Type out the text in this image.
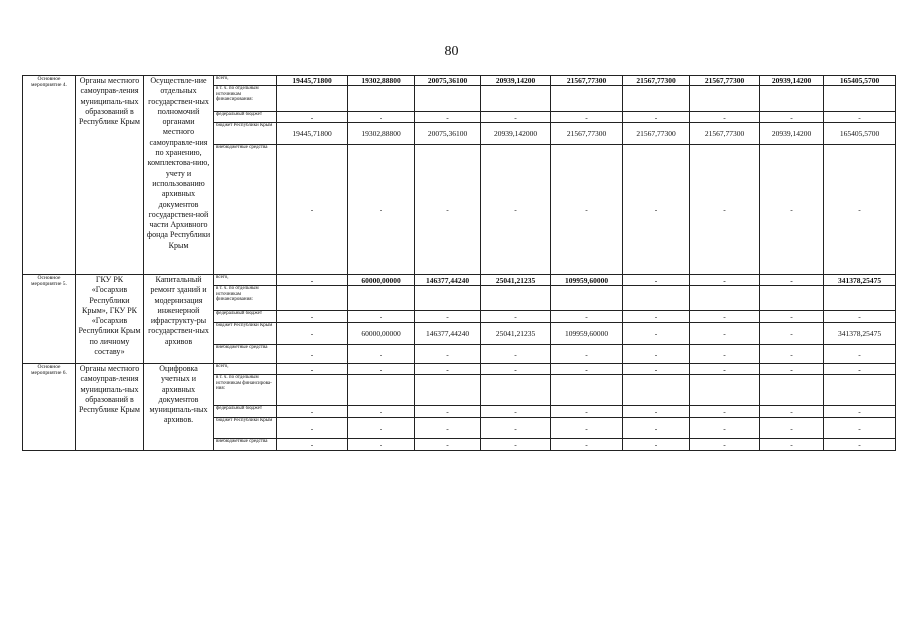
80
Основное мероприятие 4.	Органы местного самоуправ-ления муниципаль-ных образований в Республике Крым	Осуществле-ние отдельных государствен-ных полномочий органами местного самоуправле-ния по хранению, комплектова-нию, учету и использованию архивных документов государствен-ной части Архивного фонда Республики Крым	всего,	19445,71800	19302,88800	20075,36100	20939,14200	21567,77300	21567,77300	21567,77300	20939,14200	165405,5700
			в т. ч. по отдельным источникам финансирования:									
			федеральный бюджет	-	-	-	-	-	-	-	-	-
			бюджет Республики Крым	19445,71800	19302,88800	20075,36100	20939,142000	21567,77300	21567,77300	21567,77300	20939,14200	165405,5700
			внебюджетные средства	-	-	-	-	-	-	-	-	-
Основное мероприятие 5.	ГКУ РК «Госархив Республики Крым», ГКУ РК «Госархив Республики Крым по личному составу»	Капитальный ремонт зданий и модернизация инженерной ифраструкту-ры государствен-ных архивов	всего,	-	60000,00000	146377,44240	25041,21235	109959,60000	-	-	-	341378,25475
			в т. ч. по отдельным источникам финансирования:									
			федеральный бюджет	-	-	-	-	-	-	-	-	-
			бюджет Республики Крым	-	60000,00000	146377,44240	25041,21235	109959,60000	-	-	-	341378,25475
			внебюджетные средства	-	-	-	-	-	-	-	-	-
Основное мероприятие 6.	Органы местного самоуправ-ления муниципаль-ных образований в Республике Крым	Оцифровка учетных и архивных документов муниципаль-ных архивов.	всего,	-	-	-	-	-	-	-	-	-
			в т. ч. по отдельным источникам финансирова-ния:									
			федеральный бюджет	-	-	-	-	-	-	-	-	-
			бюджет Республики Крым	-	-	-	-	-	-	-	-	-
			внебюджетные средства	-	-	-	-	-	-	-	-	-
